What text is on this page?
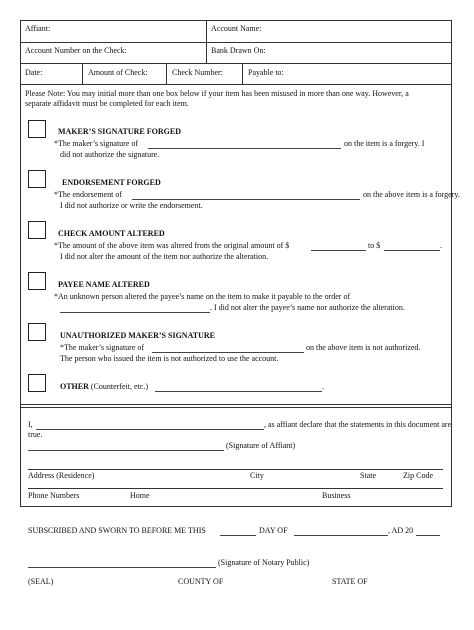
Affiant:	Account Name:
Account Number on the Check:	Bank Drawn On:
Date:	Amount of Check:	Check Number:	Payable to:
Please Note: You may initial more than one box below if your item has been misused in more than one way. However, a
separate affidavit must be completed for each item.
MAKER’S SIGNATURE FORGED
*The maker’s signature of	on the item is a forgery. I
did not authorize the signature.
ENDORSEMENT FORGED
*The endorsement of	on the above item is a forgery.
I did not authorize or write the endorsement.
CHECK AMOUNT ALTERED
*The amount of the above item was altered from the original amount of $	to $	.
I did not alter the amount of the item nor authorize the alteration.
PAYEE NAME ALTERED
*An unknown person altered the payee’s name on the item to make it payable to the order of
. I did not alter the payee’s name nor authorize the alteration.
UNAUTHORIZED MAKER’S SIGNATURE
*The maker’s signature of	on the above item is not authorized.
The person who issued the item is not authorized to use the account.
OTHER (Counterfeit, etc.)	.
I,	, as affiant declare that the statements in this document are
true.
(Signature of Affiant)
Address (Residence)	City	State	Zip Code
Phone Numbers	Home	Business
SUBSCRIBED AND SWORN TO BEFORE ME THIS	DAY OF	, AD 20
(Signature of Notary Public)
(SEAL)	COUNTY OF	STATE OF
